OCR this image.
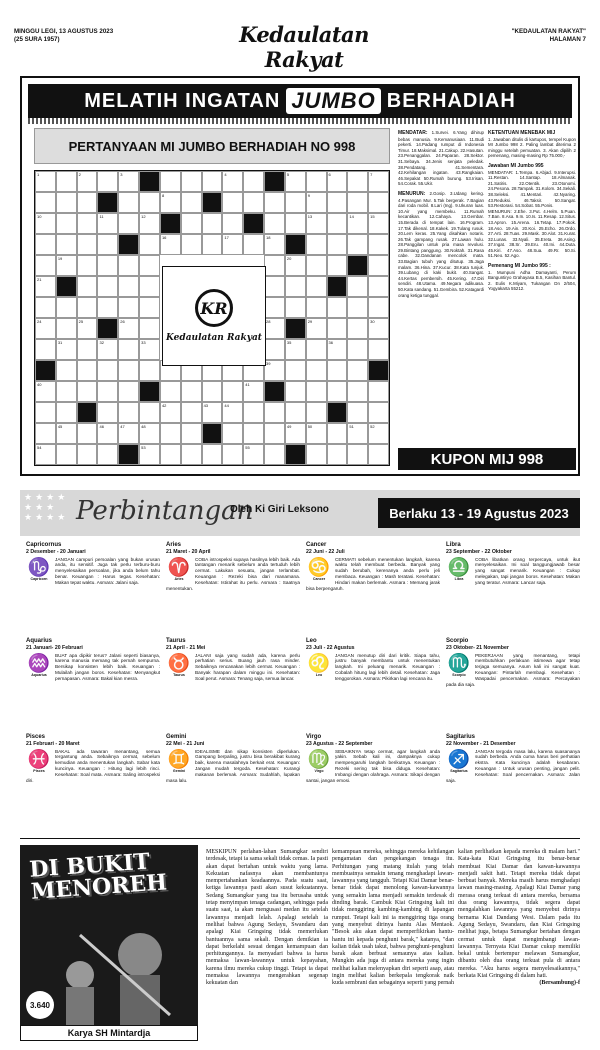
MINGGU LEGI, 13 AGUSTUS 2023
(25 SURA 1957)	Kedaulatan Rakyat
"KEDAULATAN RAKYAT"
HALAMAN 7
MELATIH INGATAN JUMBO BERHADIAH
PERTANYAAN MI JUMBO BERHADIAH NO 998
55
53
54
52
51
50
49
48
47
46
45
44
43
42
41
40
39
36
35
33
32
31
30
29
28
26
25
24
21
20
19
18
17
16
15
14
13
12
11
10
9
8
7
6
5
4
3
2
1
KR
Kedaulatan Rakyat
MENDATAR: 1.Survei. 6.Yang dihirup bebas manusia. 9.Kemanusiaan. 11.Budi pekerti. 14.Padang rumput di Indonesia Timur. 18.Maksimal. 21.Cakup. 22.Hasutan. 23.Penanggalan. 24.Paparan. 28.Sektor. 31.Sebaya. 34.Jenis senjata peledak. 38.Pendatang. 41.Sementara. 42.Kehilangan ingatan. 43.Rangkaian. 46.Sepakat 50.Rumah burung. 53.Irisan. 54.Corak. 55.Ukir.
MENURUN: 2.Gosip. 3.Udang kering. 4.Pasangan Mur. 5.Tak bergerak. 7.Bagian dari roda mobil. 8.Lari (Ing). 9.Ukuran luas. 10.Air yang membeku. 11.Rumah kecantikan. 12.Cahaya. 13.Gembar. 15.Berada di tempat lain. 16.Program. 17.Tak dikenal. 18.Kakek. 19.Tulang rusuk. 20.Lem keras. 25.Yang disahkan notaris. 26.Tak gampang rusak. 27.Lawan hulu. 28.Panggilan untuk pria masa revolusi. 29.Bintang panggung. 30.Noktah. 31.Rasa cabe. 32.Dandanan mencolok mata. 33.Bagian tubuh yang ditutup. 35.Jaga malam. 36.Hina. 37.Kucur. 38.Kata tunjuk. 39.Lubang di kaki bukit. 40.Sangat. 44.Kertas pembersih. 45.Kering. 47.Diri sendiri. 48.Utama. 49.Negara adikuasa. 50.Kata sandang. 51.Gembira. 52.Katagardi orang ketiga tunggal.
KETENTUAN MENEBAK MIJ
1. Jawaban ditulis di kartupos, tempel Kupon MI Jumbo 998 2. Paling lambat diterima 2 minggu setelah pemuatan. 3. Akan dipilih 2 pemenang, masing-masing Rp 75.000,-
Jawaban MI Jumbo 995
MENDATAR: 1.Tempa. 6.Abjad. 9.Interupsi. 11.Restan. 14.Santap. 18.Almanak. 21.Satiris. 22.Otentik. 23.Otonomi. 24.Pesona. 28.Tampak. 31.Kolom. 34.Sekali. 38.Seleksi. 41.Mentari. 42.Nyaring. 43.Reduksi. 46.Taksir. 50.Sangat. 53.Restorasi. 54.Sobat. 55.Ponis.
MENURUN: 2.Ehe. 3.Put. 4.Helm. 5.Puan. 7.Ban. 8.Asa. 9.In. 10.Is. 11.Resap. 12.Situs. 13.Apron. 15.Arena. 16.Tetap. 17.Pokok. 18.Aso. 19.Ain. 20.Koi. 25.Echo. 26.Ordo. 27.Arti. 28.Tuas. 29.Mask. 30.Alot. 31.Kurat. 32.Lunas. 33.Nyali. 35.Ereta. 36.Asing. 37.Ingat. 38.Sr. 39.Eru. 40.Ini. 44.Duta. 45.Kiri. 47.Aso. 48.Sua. 49.Rr. 50.Si. 51.Neo. 52.Ago.
Pemenang MI Jumbo 995 :
1. Mumpuni Adha Damayanti, Perum Banguntiryo Grahayasa B.5, Kasihan Bantul. 2. Eulis K.Miyam, Tukangan Dn 2/504, Yogyakarta 55212.
KUPON MIJ 998
★★★★
★★★
★★★★ Perbintangan
Oleh Ki Giri Leksono	Berlaku 13 - 19 Agustus 2023
Capricornus
2 Desember - 20 Januari
♑
Capricorn
JANGAN campuri persoalan yang bukan urusan anda, itu sensitif. Juga tak perlu terburu-buru menyelesaikan persoalan, jika anda belum tahu benar. Keuangan : Harus tegas. Kesehatan: Makan tepat waktu. Asmara: Jalani saja.
Aries
21 Maret - 20 April
♈
Aries
COBA introspeksi supaya hasilnya lebih baik. Ada tantangan menarik sebelum anda tertuduh lebih cermat. Lakukan sesuatu, jangan terlambat. Keuangan : Rezeki bisa dari manamana. Kesehatan: Istirahat itu perlu. Asmara : Saatnya menentukan.
Cancer
22 Juni - 22 Juli
♋
Cancer
CERMATI sebelum menentukan langkah, karena waktu telah membuat berbeda. Banyak yang sudah berubah, kerenanya anda perlu jeli membaca. Keuangan : Mash teratasi. Kesehatan: Hindari makan berlemak. Asmara : Memang jarak bisa berpengaruh.
Libra
23 September - 22 Oktober
♎
Libra
COBA libatkan orang terpercaya, untuk ikut menyelesaikan. Ini soal tanggungjawab besar yang sangat menarik. Keuangan : Cukup melegakan, tapi jangan boros. Kesehatan: Makan yang teratur. Asmara: Lancar saja.
Aquarius
21 Januari- 20 Februari
♒
Aquarius
BUAT apa dipikir terus? Jalani seperti biasanya, karena manusia memang tak pernah sempurna. Bersikap konsisten lebih baik. Keuangan : Mulailah jangan boros. Kesehatan: Menyangkut pernapasan. Asmara: Bakal kian mesra.
Taurus
21 April - 21 Mei
♉
Taurus
JALANI saja yang sudah ada, karena perlu perhatian serius. Buang jauh rasa minder. Sebaiknya rencanakan lebih cermat. Keuangan : Banyak harapan dalam minggu ini. Kesehatan: Soal perut. Asmara: Tenang saja, semua lancar.
Leo
23 Juli - 22 Agustus
♌
Leo
JANGAN menutup diri dari kritik. Siapa tahu, justru banyak membantu untuk menentukan langkah. Ini peluang menarik. Keuangan : Cobalah hitung lagi lebih detail. Kesehatan: Jaga tenggorokan. Asmara: Pikirkan lagi rencana itu.
Scorpio
23 Oktober- 21 November
♏
Scorpio
PEKERJAAN yang menantang, tetapi membutuhkan perlakuan istimewa agar tetap terjaga semuanya. Asum kali ini sangat kuat. Keuangan: Pintarlah membagi. Kesehatan : Waspadai pencernakan. Asmara: Percayakan pada dia saja.
Pisces
21 Februari - 20 Maret
♓
Pisces
BAKAL ada tawaran menantang, semua tergantung anda. Sebaiknya cermat, sebelum kemudian anda menentukan langkah. Sabar kata kuncinya. Keuangan : Hitung lagi lebih rinci. Kesehatan: Soal mata. Asmara: Saling introspeksi diri.
Gemini
22 Mei - 21 Juni
♊
Gemini
IDEALISME dan sikap konsisten diperlukan. Gampang berpaling, justru bisa berakibat kurang baik, karena masalahnya berkait erat. Keuangan: Jangan mudah tergoda. Kesehatan: Kurangi makanan berlemak. Asmara: Sudahlah, lupakan masa lalu.
Virgo
23 Agustus - 22 September
♍
Virgo
SEBAIKNYA tetap cermat, agar langkah anda yakin. Sebab kali ini, dampaknya cukup mempengaruhi langkah berikutnya. Keuangan : Rezeki sering tak bisa diduga. Kesehatan: Imbangi dengan olahraga. Asmara: Sikapi dengan santai, jangan emosi.
Sagitarius
22 November - 21 Desember
♐
Sagitarius
JANGAN tergoda masa lalu, karena suasananya sudah berbeda. Anda cuma harus beri perhatian ekstra. Kata kuncinya adalah kesabaran. Keuangan : Untuk urusan penting, jangan pelit. Kesehatan: Soal pencernakan. Asmara: Jalan saja.
DI BUKIT MENOREH
3.640
Karya SH Mintardja
MESKIPUN perlahan-lahan Sumangkar sendiri terdesak, tetapi ia sama sekali tidak cemas. Ia pasti akan dapat bertahan untuk waktu yang lama. Kekuatan nafasnya akan membantunya mempertahankan keadaannya. Pada suatu saat, ketiga lawannya pasti akan susut kekuatannya. Sedang Sumangkar yang tua itu berusaha untuk tetap menyimpan tenaga cadangan, sehingga pada suatu saat, ia akan mengusasi medan itu setelah lawannya menjadi lelah. Apalagi setelah ia melihat bahwa Agung Sedayu, Swandaru dan apalagi Kiai Gringsing tidak memerlukan bantuannya sama sekali. Dengan demikian ia dapat berkelahi sesuai dengan kemampuan dan perhitungannya. Ia menyadari bahwa ia harus memaksa lawan-lawannya untuk kepayahan, karena ilmu mereka cukup tinggi. Tetapi ia dapat memaksa lawannya mengerahkan segenap kekuatan dan
kemampuan mereka, sehingga mereka kehilangan pengamatan dan pengekangan tenaga itu. Perhitungan yang matang itulah yang telah membuatnya semakin tenang menghadapi lawan-lawannya yang tangguh. Tetapi Kiai Damar benar-benar tidak dapat menolong kawan-kawannya yang semakin lama menjadi semakin terdesak di dinding barak. Cambuk Kiai Gringsing kali ini tidak menggiring kambing-kambing di lapangan rumput. Tetapi kali ini ia menggiring tiga orang yang menyebut dirinya hantu Alas Mentaok. "Besok aku akan dapat memperfikirkan hantu-hantu ini kepada penghuni barak," katanya, "dan kalian tidak usah takut, bahwa penghuni-penghuni barak akan berbuat semaunya atas kalian. Mungkin ada juga di antara mereka yang ingin melihat kalian melenyapkan diri seperti asap, atau ingin melihat kalian berkepala tengkorak naik kuda sembrani dan sebagainya seperti yang pernah
kalian perlihatkan kepada mereka di malam hari." Kata-kata Kiai Gringsing itu benar-benar membuat Kiai Damar dan kawan-kawannya menjadi sakit hati. Tetapi mereka tidak dapat berbuat banyak. Mereka masih harus menghadapi lawan masing-masing. Apalagi Kiai Damar yang merasa orang terkuat di antara mereka, bersama dua orang kawannya, tidak segera dapat mengalahkan lawannya yang menyebut dirinya bernama Kiai Dandang Wesi. Dalam pada itu Agung Sedayu, Swandaru, dan Kiai Gringsing melihat juga, betapa Sumangkar bertahan dengan cermat untuk dapat mengimbangi lawan-lawannya. Ternyata Kiai Damar cukup memiliki bekal untuk bertempur melawan Sumangkar, dibantu oleh dua orang terkuat pula di antara mereka. "Aku harus segera menyelesaikannya," berkata Kiai Gringsing di dalam hati.
(Bersambung)-f
